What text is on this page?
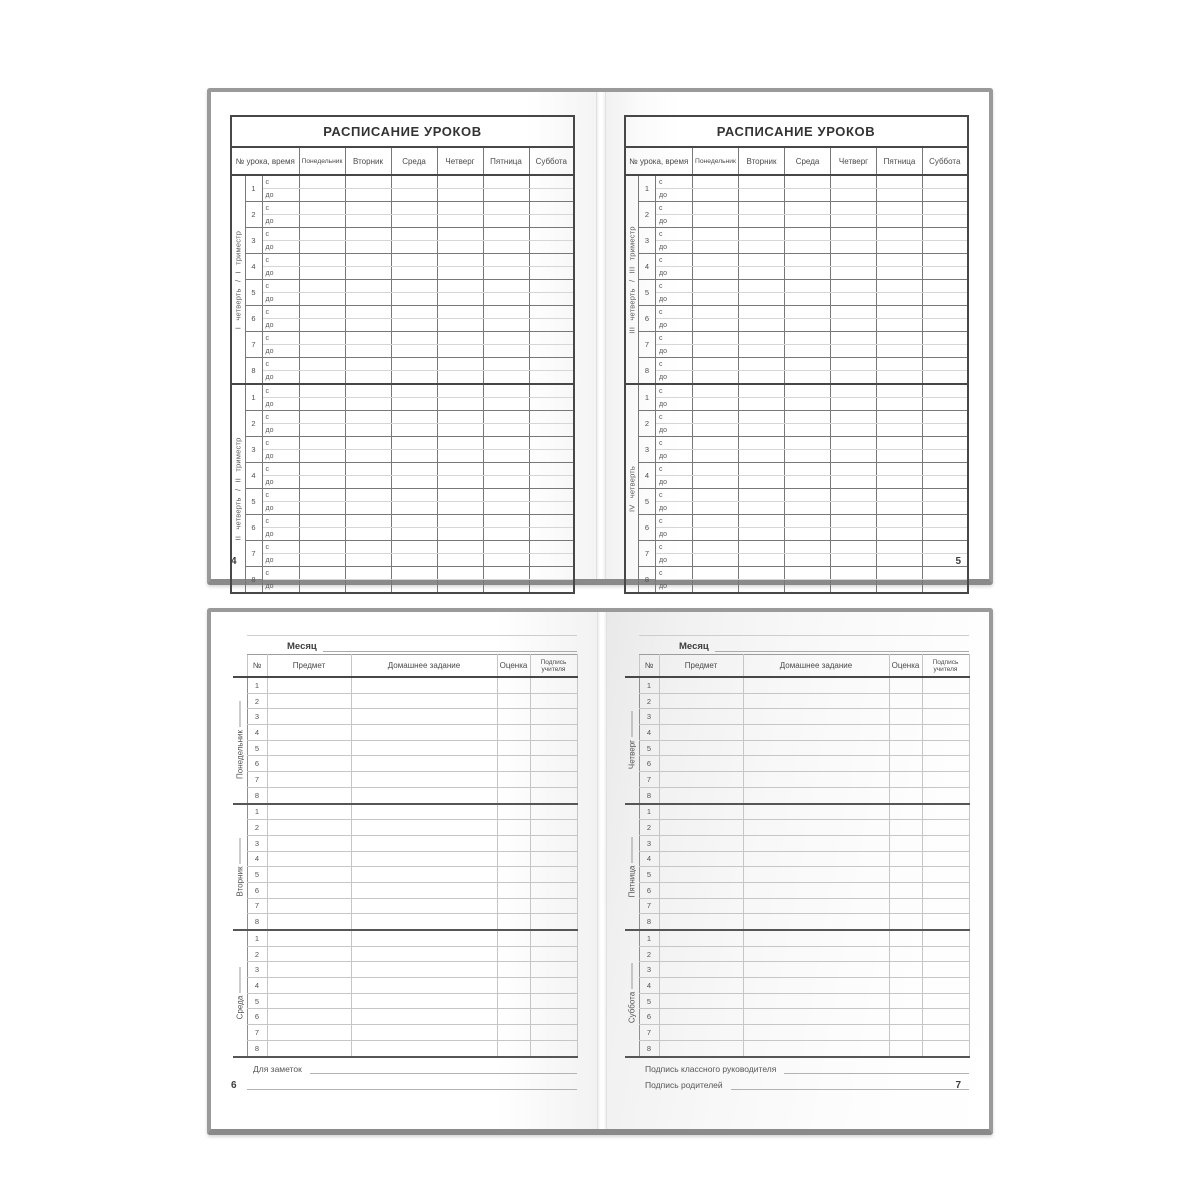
РАСПИСАНИЕ УРОКОВ								
№ урока, время			Понедельник	Вторник	Среда	Четверг	Пятница	Суббота

I четверть / I триместр	1	с						
		до						
	2	с						
		до						
	3	с						
		до						
	4	с						
		до						
	5	с						
		до						
	6	с						
		до						
	7	с						
		до						
	8	с						
		до						

II четверть / II триместр	1	с						
		до						
	2	с						
		до						
	3	с						
		до						
	4	с						
		до						
	5	с						
		до						
	6	с						
		до						
	7	с						
		до						
	8	с						
		до						
4
РАСПИСАНИЕ УРОКОВ								
№ урока, время			Понедельник	Вторник	Среда	Четверг	Пятница	Суббота

III четверть / III триместр	1	с						
		до						
	2	с						
		до						
	3	с						
		до						
	4	с						
		до						
	5	с						
		до						
	6	с						
		до						
	7	с						
		до						
	8	с						
		до						

IV четверть	1	с						
		до						
	2	с						
		до						
	3	с						
		до						
	4	с						
		до						
	5	с						
		до						
	6	с						
		до						
	7	с						
		до						
	8	с						
		до						
5
Месяц
	№	Предмет	Домашнее задание	Оценка	Подпись учителя

Понедельник	1				
	2				
	3				
	4				
	5				
	6				
	7				
	8				

Вторник	1				
	2				
	3				
	4				
	5				
	6				
	7				
	8				

Среда	1				
	2				
	3				
	4				
	5				
	6				
	7				
	8				
Для заметок
6
Месяц
	№	Предмет	Домашнее задание	Оценка	Подпись учителя

Четверг	1				
	2				
	3				
	4				
	5				
	6				
	7				
	8				

Пятница	1				
	2				
	3				
	4				
	5				
	6				
	7				
	8				

Суббота	1				
	2				
	3				
	4				
	5				
	6				
	7				
	8				
Подпись классного руководителя
Подпись родителей	7
